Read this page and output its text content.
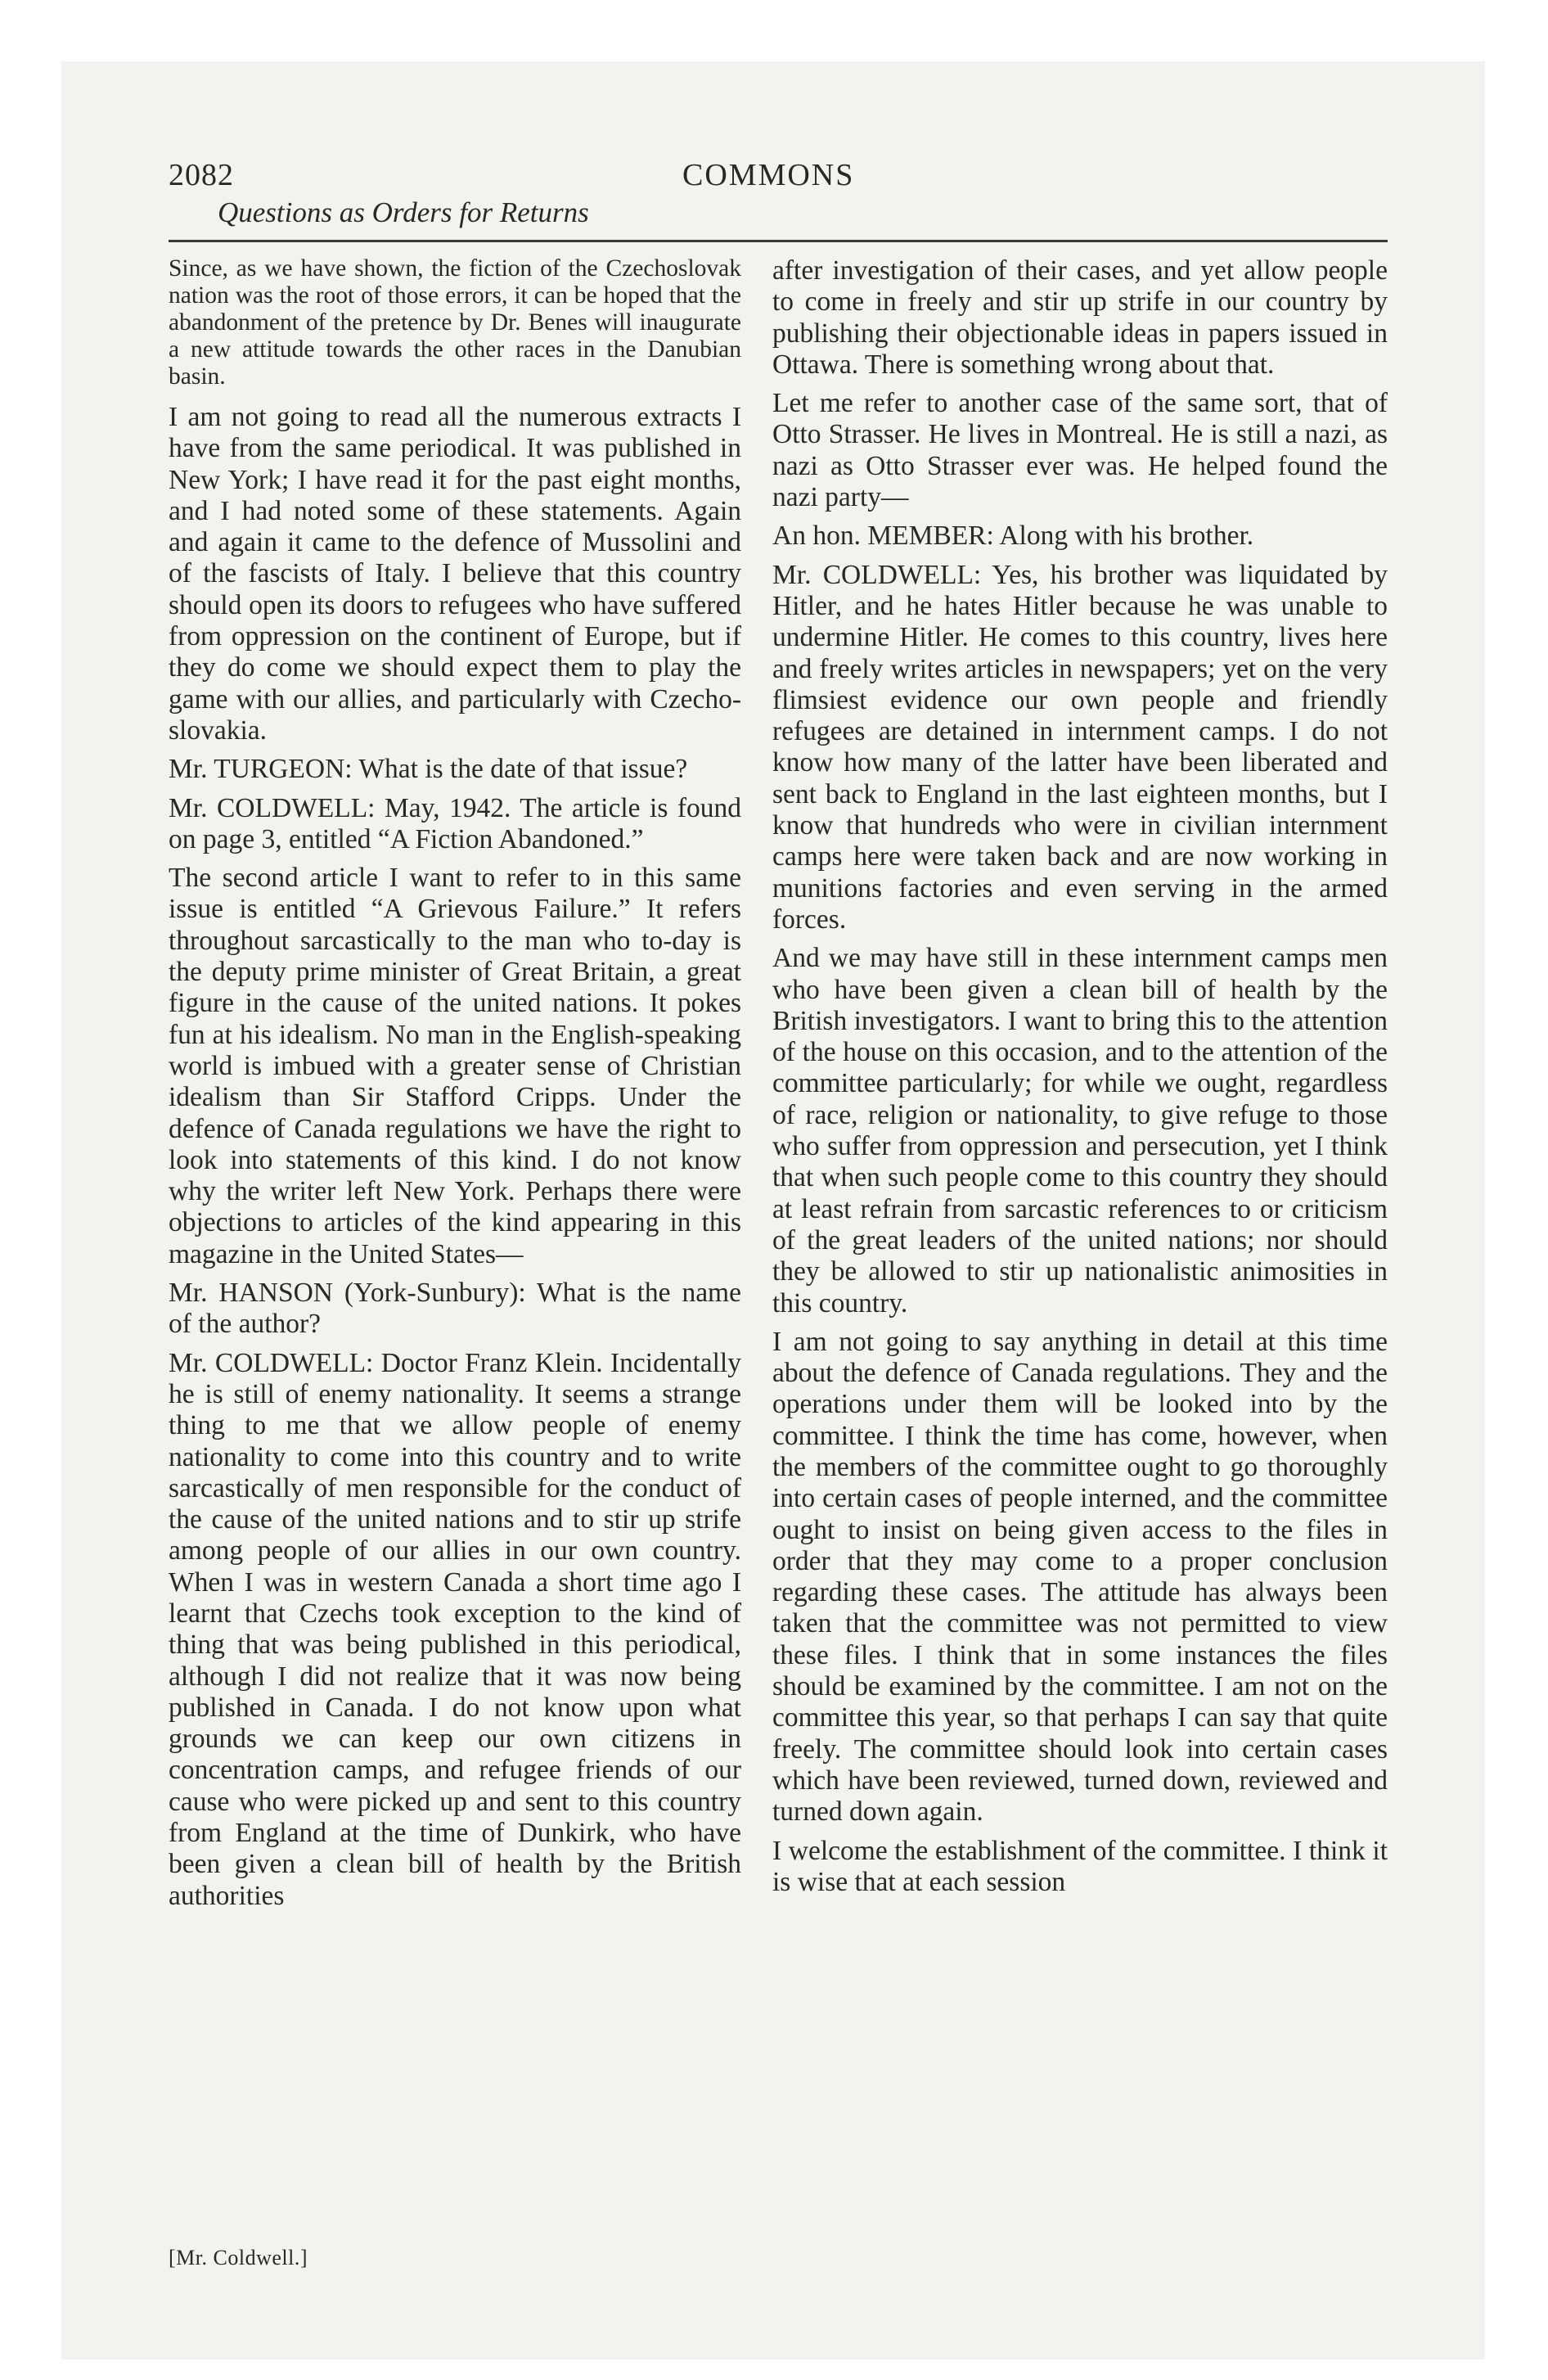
2082
Questions as Orders for Returns
COMMONS

Since, as we have shown, the fiction of the Czechoslovak nation was the root of those errors, it can be hoped that the abandonment of the pretence by Dr. Benes will inaugurate a new attitude towards the other races in the Danubian basin.

I am not going to read all the numerous extracts I have from the same periodical. It was published in New York; I have read it for the past eight months, and I had noted some of these statements. Again and again it came to the defence of Mussolini and of the fascists of Italy. I believe that this country should open its doors to refugees who have suffered from oppression on the continent of Europe, but if they do come we should expect them to play the game with our allies, and particularly with Czechoslovakia.

Mr. TURGEON: What is the date of that issue?

Mr. COLDWELL: May, 1942. The article is found on page 3, entitled “A Fiction Abandoned.”

The second article I want to refer to in this same issue is entitled “A Grievous Failure.” It refers throughout sarcastically to the man who to-day is the deputy prime minister of Great Britain, a great figure in the cause of the united nations. It pokes fun at his idealism. No man in the English-speaking world is imbued with a greater sense of Christian idealism than Sir Stafford Cripps. Under the defence of Canada regulations we have the right to look into statements of this kind. I do not know why the writer left New York. Perhaps there were objections to articles of the kind appearing in this magazine in the United States—

Mr. HANSON (York-Sunbury): What is the name of the author?

Mr. COLDWELL: Doctor Franz Klein. Incidentally he is still of enemy nationality. It seems a strange thing to me that we allow people of enemy nationality to come into this country and to write sarcastically of men responsible for the conduct of the cause of the united nations and to stir up strife among people of our allies in our own country. When I was in western Canada a short time ago I learnt that Czechs took exception to the kind of thing that was being published in this periodical, although I did not realize that it was now being published in Canada. I do not know upon what grounds we can keep our own citizens in concentration camps, and refugee friends of our cause who were picked up and sent to this country from England at the time of Dunkirk, who have been given a clean bill of health by the British authorities

after investigation of their cases, and yet allow people to come in freely and stir up strife in our country by publishing their objectionable ideas in papers issued in Ottawa. There is something wrong about that.

Let me refer to another case of the same sort, that of Otto Strasser. He lives in Montreal. He is still a nazi, as nazi as Otto Strasser ever was. He helped found the nazi party—

An hon. MEMBER: Along with his brother.

Mr. COLDWELL: Yes, his brother was liquidated by Hitler, and he hates Hitler because he was unable to undermine Hitler. He comes to this country, lives here and freely writes articles in newspapers; yet on the very flimsiest evidence our own people and friendly refugees are detained in internment camps. I do not know how many of the latter have been liberated and sent back to England in the last eighteen months, but I know that hundreds who were in civilian internment camps here were taken back and are now working in munitions factories and even serving in the armed forces.

And we may have still in these internment camps men who have been given a clean bill of health by the British investigators. I want to bring this to the attention of the house on this occasion, and to the attention of the committee particularly; for while we ought, regardless of race, religion or nationality, to give refuge to those who suffer from oppression and persecution, yet I think that when such people come to this country they should at least refrain from sarcastic references to or criticism of the great leaders of the united nations; nor should they be allowed to stir up nationalistic animosities in this country.

I am not going to say anything in detail at this time about the defence of Canada regulations. They and the operations under them will be looked into by the committee. I think the time has come, however, when the members of the committee ought to go thoroughly into certain cases of people interned, and the committee ought to insist on being given access to the files in order that they may come to a proper conclusion regarding these cases. The attitude has always been taken that the committee was not permitted to view these files. I think that in some instances the files should be examined by the committee. I am not on the committee this year, so that perhaps I can say that quite freely. The committee should look into certain cases which have been reviewed, turned down, reviewed and turned down again.

I welcome the establishment of the committee. I think it is wise that at each session

[Mr. Coldwell.]
